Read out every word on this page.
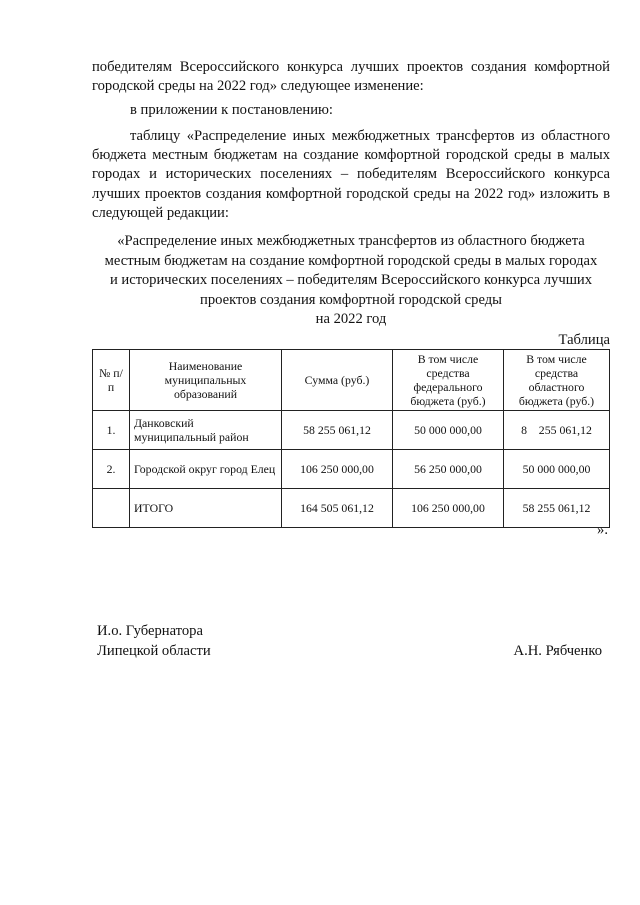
победителям Всероссийского конкурса лучших проектов создания комфортной городской среды на 2022 год» следующее изменение:

в приложении к постановлению:

таблицу «Распределение иных межбюджетных трансфертов из областного бюджета местным бюджетам на создание комфортной городской среды в малых городах и исторических поселениях – победителям Всероссийского конкурса лучших проектов создания комфортной городской среды на 2022 год» изложить в следующей редакции:

«Распределение иных межбюджетных трансфертов из областного бюджета
местным бюджетам на создание комфортной городской среды в малых городах
и исторических поселениях – победителям Всероссийского конкурса лучших
проектов создания комфортной городской среды
на 2022 год
Таблица
№ п/п	Наименование муниципальных образований	Сумма (руб.)	В том числе средства федерального бюджета (руб.)	В том числе средства областного бюджета (руб.)
1.	Данковский муниципальный район	58 255 061,12	50 000 000,00	8    255 061,12
2.	Городской округ город Елец	106 250 000,00	56 250 000,00	50 000 000,00
	ИТОГО	164 505 061,12	106 250 000,00	58 255 061,12
».
И.о. Губернатора
Липецкой области	А.Н. Рябченко
